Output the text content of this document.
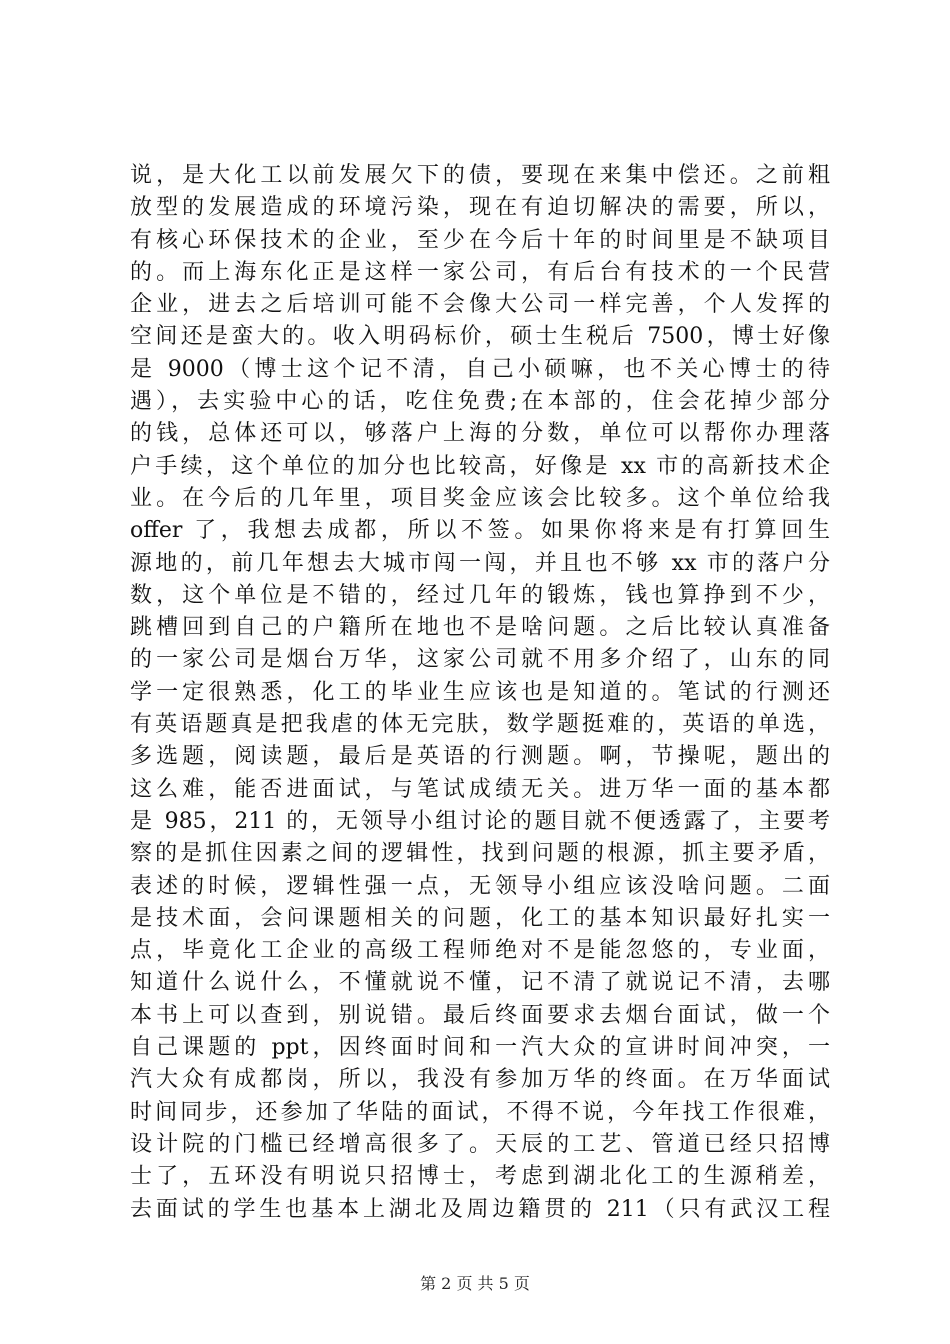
说，是大化工以前发展欠下的债，要现在来集中偿还。之前粗
放型的发展造成的环境污染，现在有迫切解决的需要，所以，
有核心环保技术的企业，至少在今后十年的时间里是不缺项目
的。而上海东化正是这样一家公司，有后台有技术的一个民营
企业，进去之后培训可能不会像大公司一样完善，个人发挥的
空间还是蛮大的。收入明码标价，硕士生税后 7500，博士好像
是 9000（博士这个记不清，自己小硕嘛，也不关心博士的待
遇），去实验中心的话，吃住免费;在本部的，住会花掉少部分
的钱，总体还可以，够落户上海的分数，单位可以帮你办理落
户手续，这个单位的加分也比较高，好像是 xx 市的高新技术企
业。在今后的几年里，项目奖金应该会比较多。这个单位给我
offer 了，我想去成都，所以不签。如果你将来是有打算回生
源地的，前几年想去大城市闯一闯，并且也不够 xx 市的落户分
数，这个单位是不错的，经过几年的锻炼，钱也算挣到不少，
跳槽回到自己的户籍所在地也不是啥问题。之后比较认真准备
的一家公司是烟台万华，这家公司就不用多介绍了，山东的同
学一定很熟悉，化工的毕业生应该也是知道的。笔试的行测还
有英语题真是把我虐的体无完肤，数学题挺难的，英语的单选，
多选题，阅读题，最后是英语的行测题。啊，节操呢，题出的
这么难，能否进面试，与笔试成绩无关。进万华一面的基本都
是 985，211 的，无领导小组讨论的题目就不便透露了，主要考
察的是抓住因素之间的逻辑性，找到问题的根源，抓主要矛盾，
表述的时候，逻辑性强一点，无领导小组应该没啥问题。二面
是技术面，会问课题相关的问题，化工的基本知识最好扎实一
点，毕竟化工企业的高级工程师绝对不是能忽悠的，专业面，
知道什么说什么，不懂就说不懂，记不清了就说记不清，去哪
本书上可以查到，别说错。最后终面要求去烟台面试，做一个
自己课题的 ppt，因终面时间和一汽大众的宣讲时间冲突，一
汽大众有成都岗，所以，我没有参加万华的终面。在万华面试
时间同步，还参加了华陆的面试，不得不说，今年找工作很难，
设计院的门槛已经增高很多了。天辰的工艺、管道已经只招博
士了，五环没有明说只招博士，考虑到湖北化工的生源稍差，
去面试的学生也基本上湖北及周边籍贯的 211（只有武汉工程
第 2 页 共 5 页
